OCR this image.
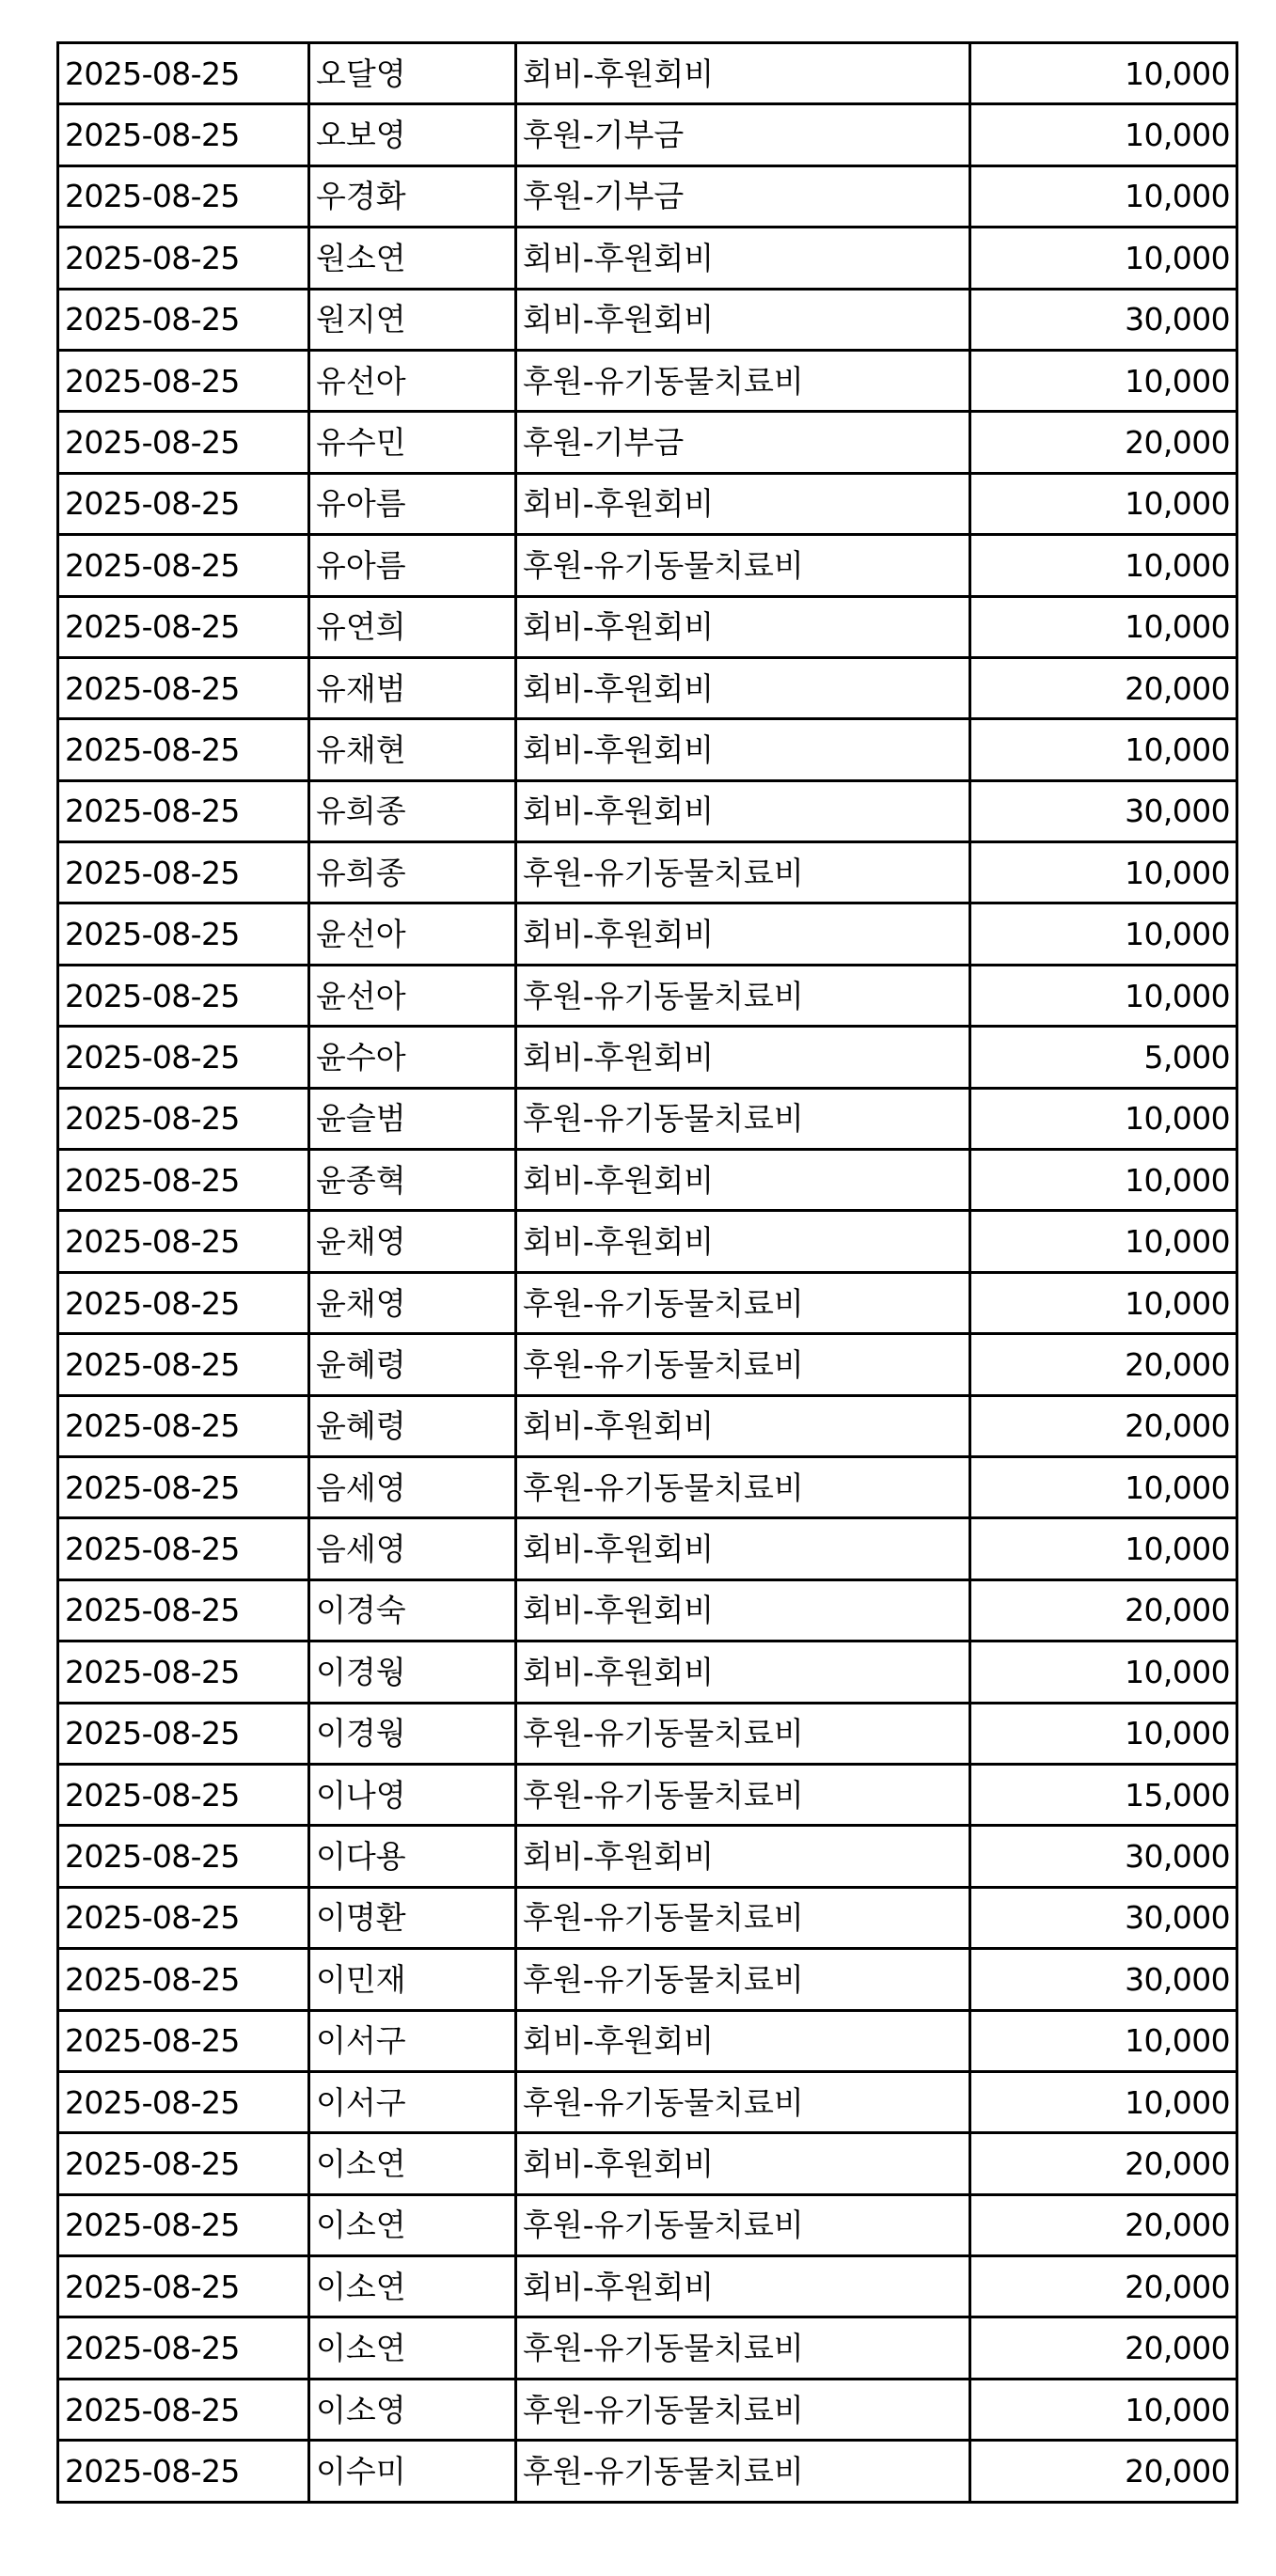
2025-08-25	오달영	회비-후원회비	10,000
2025-08-25	오보영	후원-기부금	10,000
2025-08-25	우경화	후원-기부금	10,000
2025-08-25	원소연	회비-후원회비	10,000
2025-08-25	원지연	회비-후원회비	30,000
2025-08-25	유선아	후원-유기동물치료비	10,000
2025-08-25	유수민	후원-기부금	20,000
2025-08-25	유아름	회비-후원회비	10,000
2025-08-25	유아름	후원-유기동물치료비	10,000
2025-08-25	유연희	회비-후원회비	10,000
2025-08-25	유재범	회비-후원회비	20,000
2025-08-25	유채현	회비-후원회비	10,000
2025-08-25	유희종	회비-후원회비	30,000
2025-08-25	유희종	후원-유기동물치료비	10,000
2025-08-25	윤선아	회비-후원회비	10,000
2025-08-25	윤선아	후원-유기동물치료비	10,000
2025-08-25	윤수아	회비-후원회비	5,000
2025-08-25	윤슬범	후원-유기동물치료비	10,000
2025-08-25	윤종혁	회비-후원회비	10,000
2025-08-25	윤채영	회비-후원회비	10,000
2025-08-25	윤채영	후원-유기동물치료비	10,000
2025-08-25	윤혜령	후원-유기동물치료비	20,000
2025-08-25	윤혜령	회비-후원회비	20,000
2025-08-25	음세영	후원-유기동물치료비	10,000
2025-08-25	음세영	회비-후원회비	10,000
2025-08-25	이경숙	회비-후원회비	20,000
2025-08-25	이경웡	회비-후원회비	10,000
2025-08-25	이경웡	후원-유기동물치료비	10,000
2025-08-25	이나영	후원-유기동물치료비	15,000
2025-08-25	이다용	회비-후원회비	30,000
2025-08-25	이명환	후원-유기동물치료비	30,000
2025-08-25	이민재	후원-유기동물치료비	30,000
2025-08-25	이서구	회비-후원회비	10,000
2025-08-25	이서구	후원-유기동물치료비	10,000
2025-08-25	이소연	회비-후원회비	20,000
2025-08-25	이소연	후원-유기동물치료비	20,000
2025-08-25	이소연	회비-후원회비	20,000
2025-08-25	이소연	후원-유기동물치료비	20,000
2025-08-25	이소영	후원-유기동물치료비	10,000
2025-08-25	이수미	후원-유기동물치료비	20,000
